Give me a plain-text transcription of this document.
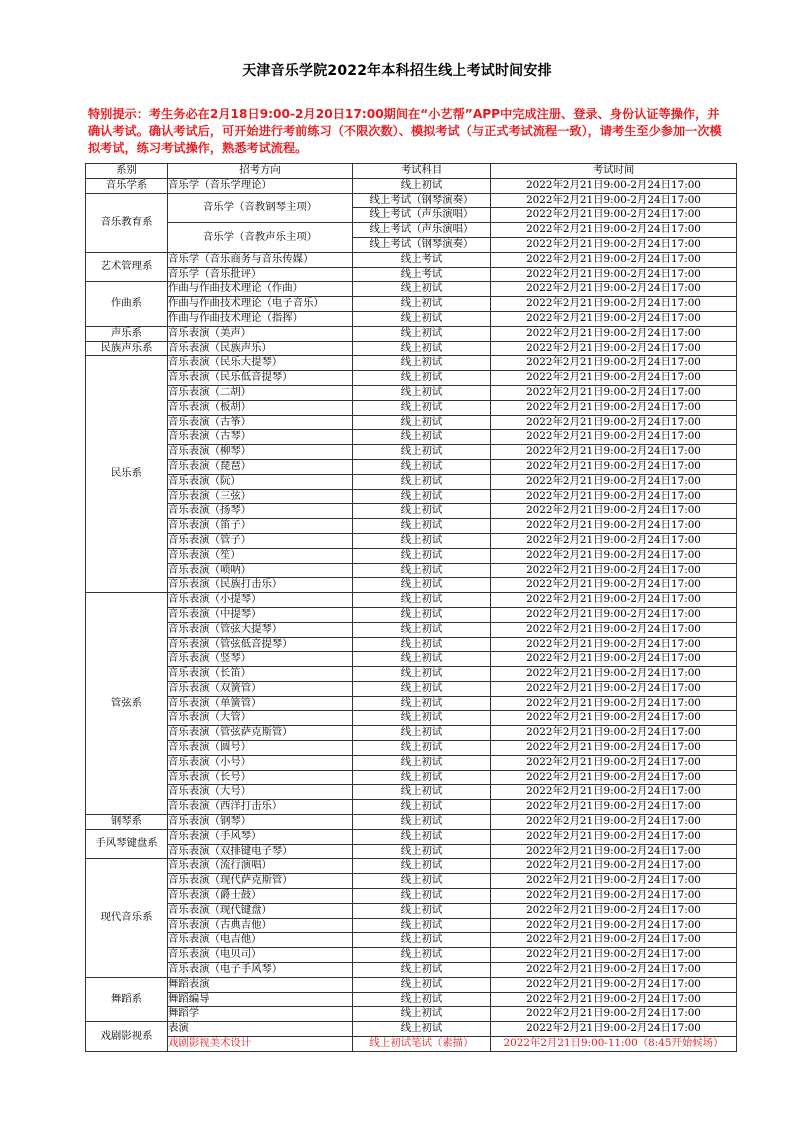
天津音乐学院2022年本科招生线上考试时间安排
特别提示：考生务必在2月18日9:00-2月20日17:00期间在“小艺帮”APP中完成注册、登录、身份认证等操作，并确认考试。确认考试后，可开始进行考前练习（不限次数）、模拟考试（与正式考试流程一致），请考生至少参加一次模拟考试，练习考试操作，熟悉考试流程。
系别	招考方向	考试科目	考试时间
音乐学系	音乐学（音乐学理论）	线上初试	2022年2月21日9:00-2月24日17:00
音乐教育系	音乐学（音教钢琴主项）	线上考试（钢琴演奏）	2022年2月21日9:00-2月24日17:00
		线上考试（声乐演唱）	2022年2月21日9:00-2月24日17:00
	音乐学（音教声乐主项）	线上考试（声乐演唱）	2022年2月21日9:00-2月24日17:00
		线上考试（钢琴演奏）	2022年2月21日9:00-2月24日17:00
艺术管理系	音乐学（音乐商务与音乐传媒）	线上考试	2022年2月21日9:00-2月24日17:00
	音乐学（音乐批评）	线上考试	2022年2月21日9:00-2月24日17:00
作曲系	作曲与作曲技术理论（作曲）	线上初试	2022年2月21日9:00-2月24日17:00
	作曲与作曲技术理论（电子音乐）	线上初试	2022年2月21日9:00-2月24日17:00
	作曲与作曲技术理论（指挥）	线上初试	2022年2月21日9:00-2月24日17:00
声乐系	音乐表演（美声）	线上初试	2022年2月21日9:00-2月24日17:00
民族声乐系	音乐表演（民族声乐）	线上初试	2022年2月21日9:00-2月24日17:00
民乐系	音乐表演（民乐大提琴）	线上初试	2022年2月21日9:00-2月24日17:00
	音乐表演（民乐低音提琴）	线上初试	2022年2月21日9:00-2月24日17:00
	音乐表演（二胡）	线上初试	2022年2月21日9:00-2月24日17:00
	音乐表演（板胡）	线上初试	2022年2月21日9:00-2月24日17:00
	音乐表演（古筝）	线上初试	2022年2月21日9:00-2月24日17:00
	音乐表演（古琴）	线上初试	2022年2月21日9:00-2月24日17:00
	音乐表演（柳琴）	线上初试	2022年2月21日9:00-2月24日17:00
	音乐表演（琵琶）	线上初试	2022年2月21日9:00-2月24日17:00
	音乐表演（阮）	线上初试	2022年2月21日9:00-2月24日17:00
	音乐表演（三弦）	线上初试	2022年2月21日9:00-2月24日17:00
	音乐表演（扬琴）	线上初试	2022年2月21日9:00-2月24日17:00
	音乐表演（笛子）	线上初试	2022年2月21日9:00-2月24日17:00
	音乐表演（管子）	线上初试	2022年2月21日9:00-2月24日17:00
	音乐表演（笙）	线上初试	2022年2月21日9:00-2月24日17:00
	音乐表演（唢呐）	线上初试	2022年2月21日9:00-2月24日17:00
	音乐表演（民族打击乐）	线上初试	2022年2月21日9:00-2月24日17:00
管弦系	音乐表演（小提琴）	线上初试	2022年2月21日9:00-2月24日17:00
	音乐表演（中提琴）	线上初试	2022年2月21日9:00-2月24日17:00
	音乐表演（管弦大提琴）	线上初试	2022年2月21日9:00-2月24日17:00
	音乐表演（管弦低音提琴）	线上初试	2022年2月21日9:00-2月24日17:00
	音乐表演（竖琴）	线上初试	2022年2月21日9:00-2月24日17:00
	音乐表演（长笛）	线上初试	2022年2月21日9:00-2月24日17:00
	音乐表演（双簧管）	线上初试	2022年2月21日9:00-2月24日17:00
	音乐表演（单簧管）	线上初试	2022年2月21日9:00-2月24日17:00
	音乐表演（大管）	线上初试	2022年2月21日9:00-2月24日17:00
	音乐表演（管弦萨克斯管）	线上初试	2022年2月21日9:00-2月24日17:00
	音乐表演（圆号）	线上初试	2022年2月21日9:00-2月24日17:00
	音乐表演（小号）	线上初试	2022年2月21日9:00-2月24日17:00
	音乐表演（长号）	线上初试	2022年2月21日9:00-2月24日17:00
	音乐表演（大号）	线上初试	2022年2月21日9:00-2月24日17:00
	音乐表演（西洋打击乐）	线上初试	2022年2月21日9:00-2月24日17:00
钢琴系	音乐表演（钢琴）	线上初试	2022年2月21日9:00-2月24日17:00
手风琴键盘系	音乐表演（手风琴）	线上初试	2022年2月21日9:00-2月24日17:00
	音乐表演（双排键电子琴）	线上初试	2022年2月21日9:00-2月24日17:00
现代音乐系	音乐表演（流行演唱）	线上初试	2022年2月21日9:00-2月24日17:00
	音乐表演（现代萨克斯管）	线上初试	2022年2月21日9:00-2月24日17:00
	音乐表演（爵士鼓）	线上初试	2022年2月21日9:00-2月24日17:00
	音乐表演（现代键盘）	线上初试	2022年2月21日9:00-2月24日17:00
	音乐表演（古典吉他）	线上初试	2022年2月21日9:00-2月24日17:00
	音乐表演（电吉他）	线上初试	2022年2月21日9:00-2月24日17:00
	音乐表演（电贝司）	线上初试	2022年2月21日9:00-2月24日17:00
	音乐表演（电子手风琴）	线上初试	2022年2月21日9:00-2月24日17:00
舞蹈系	舞蹈表演	线上初试	2022年2月21日9:00-2月24日17:00
	舞蹈编导	线上初试	2022年2月21日9:00-2月24日17:00
	舞蹈学	线上初试	2022年2月21日9:00-2月24日17:00
戏剧影视系	表演	线上初试	2022年2月21日9:00-2月24日17:00
	戏剧影视美术设计	线上初试笔试（素描）	2022年2月21日9:00-11:00（8:45开始候场）
